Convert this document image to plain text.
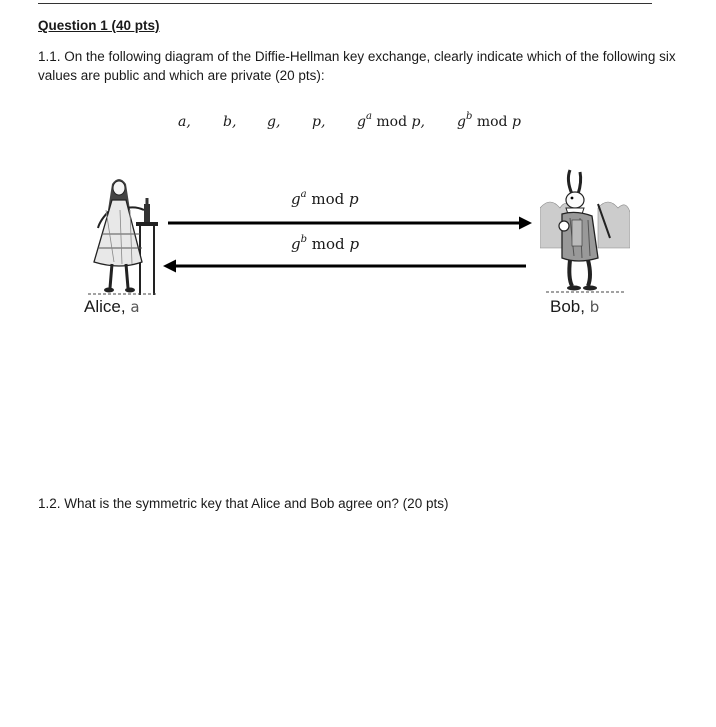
Question 1 (40 pts)
1.1. On the following diagram of the Diffie-Hellman key exchange, clearly indicate which of the following six values are public and which are private (20 pts):
a, b, g, p, $g^a$ mod p, $g^b$ mod p
$g^a$ mod p
$g^b$ mod p
Alice, a	Bob, b
1.2. What is the symmetric key that Alice and Bob agree on? (20 pts)
